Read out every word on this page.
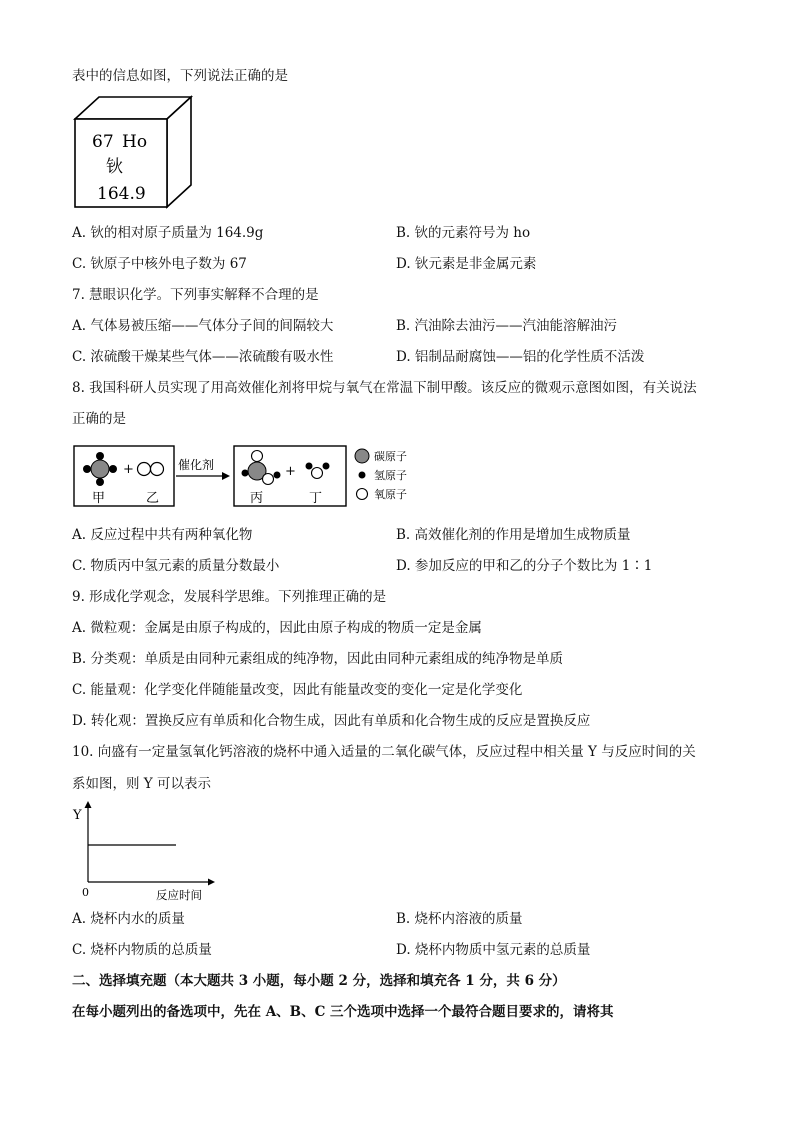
表中的信息如图，下列说法正确的是
67 Ho
钬
164.9
A. 钬的相对原子质量为 164.9g	B. 钬的元素符号为 ho
C. 钬原子中核外电子数为 67	D. 钬元素是非金属元素
7. 慧眼识化学。下列事实解释不合理的是
A. 气体易被压缩——气体分子间的间隔较大	B. 汽油除去油污——汽油能溶解油污
C. 浓硫酸干燥某些气体——浓硫酸有吸水性	D. 铝制品耐腐蚀——铝的化学性质不活泼
8. 我国科研人员实现了用高效催化剂将甲烷与氧气在常温下制甲酸。该反应的微观示意图如图，有关说法
正确的是
+
甲	乙
催化剂	+
丙	丁
碳原子
氢原子
氧原子
A. 反应过程中共有两种氧化物	B. 高效催化剂的作用是增加生成物质量
C. 物质丙中氢元素的质量分数最小	D. 参加反应的甲和乙的分子个数比为 1∶1
9. 形成化学观念，发展科学思维。下列推理正确的是
A. 微粒观：金属是由原子构成的，因此由原子构成的物质一定是金属
B. 分类观：单质是由同种元素组成的纯净物，因此由同种元素组成的纯净物是单质
C. 能量观：化学变化伴随能量改变，因此有能量改变的变化一定是化学变化
D. 转化观：置换反应有单质和化合物生成，因此有单质和化合物生成的反应是置换反应
10. 向盛有一定量氢氧化钙溶液的烧杯中通入适量的二氧化碳气体，反应过程中相关量 Y 与反应时间的关
系如图，则 Y 可以表示
Y
0	反应时间
A. 烧杯内水的质量	B. 烧杯内溶液的质量
C. 烧杯内物质的总质量	D. 烧杯内物质中氢元素的总质量
二、选择填充题（本大题共 3 小题，每小题 2 分，选择和填充各 1 分，共 6 分）
在每小题列出的备选项中，先在 A、B、C 三个选项中选择一个最符合题目要求的，请将其
